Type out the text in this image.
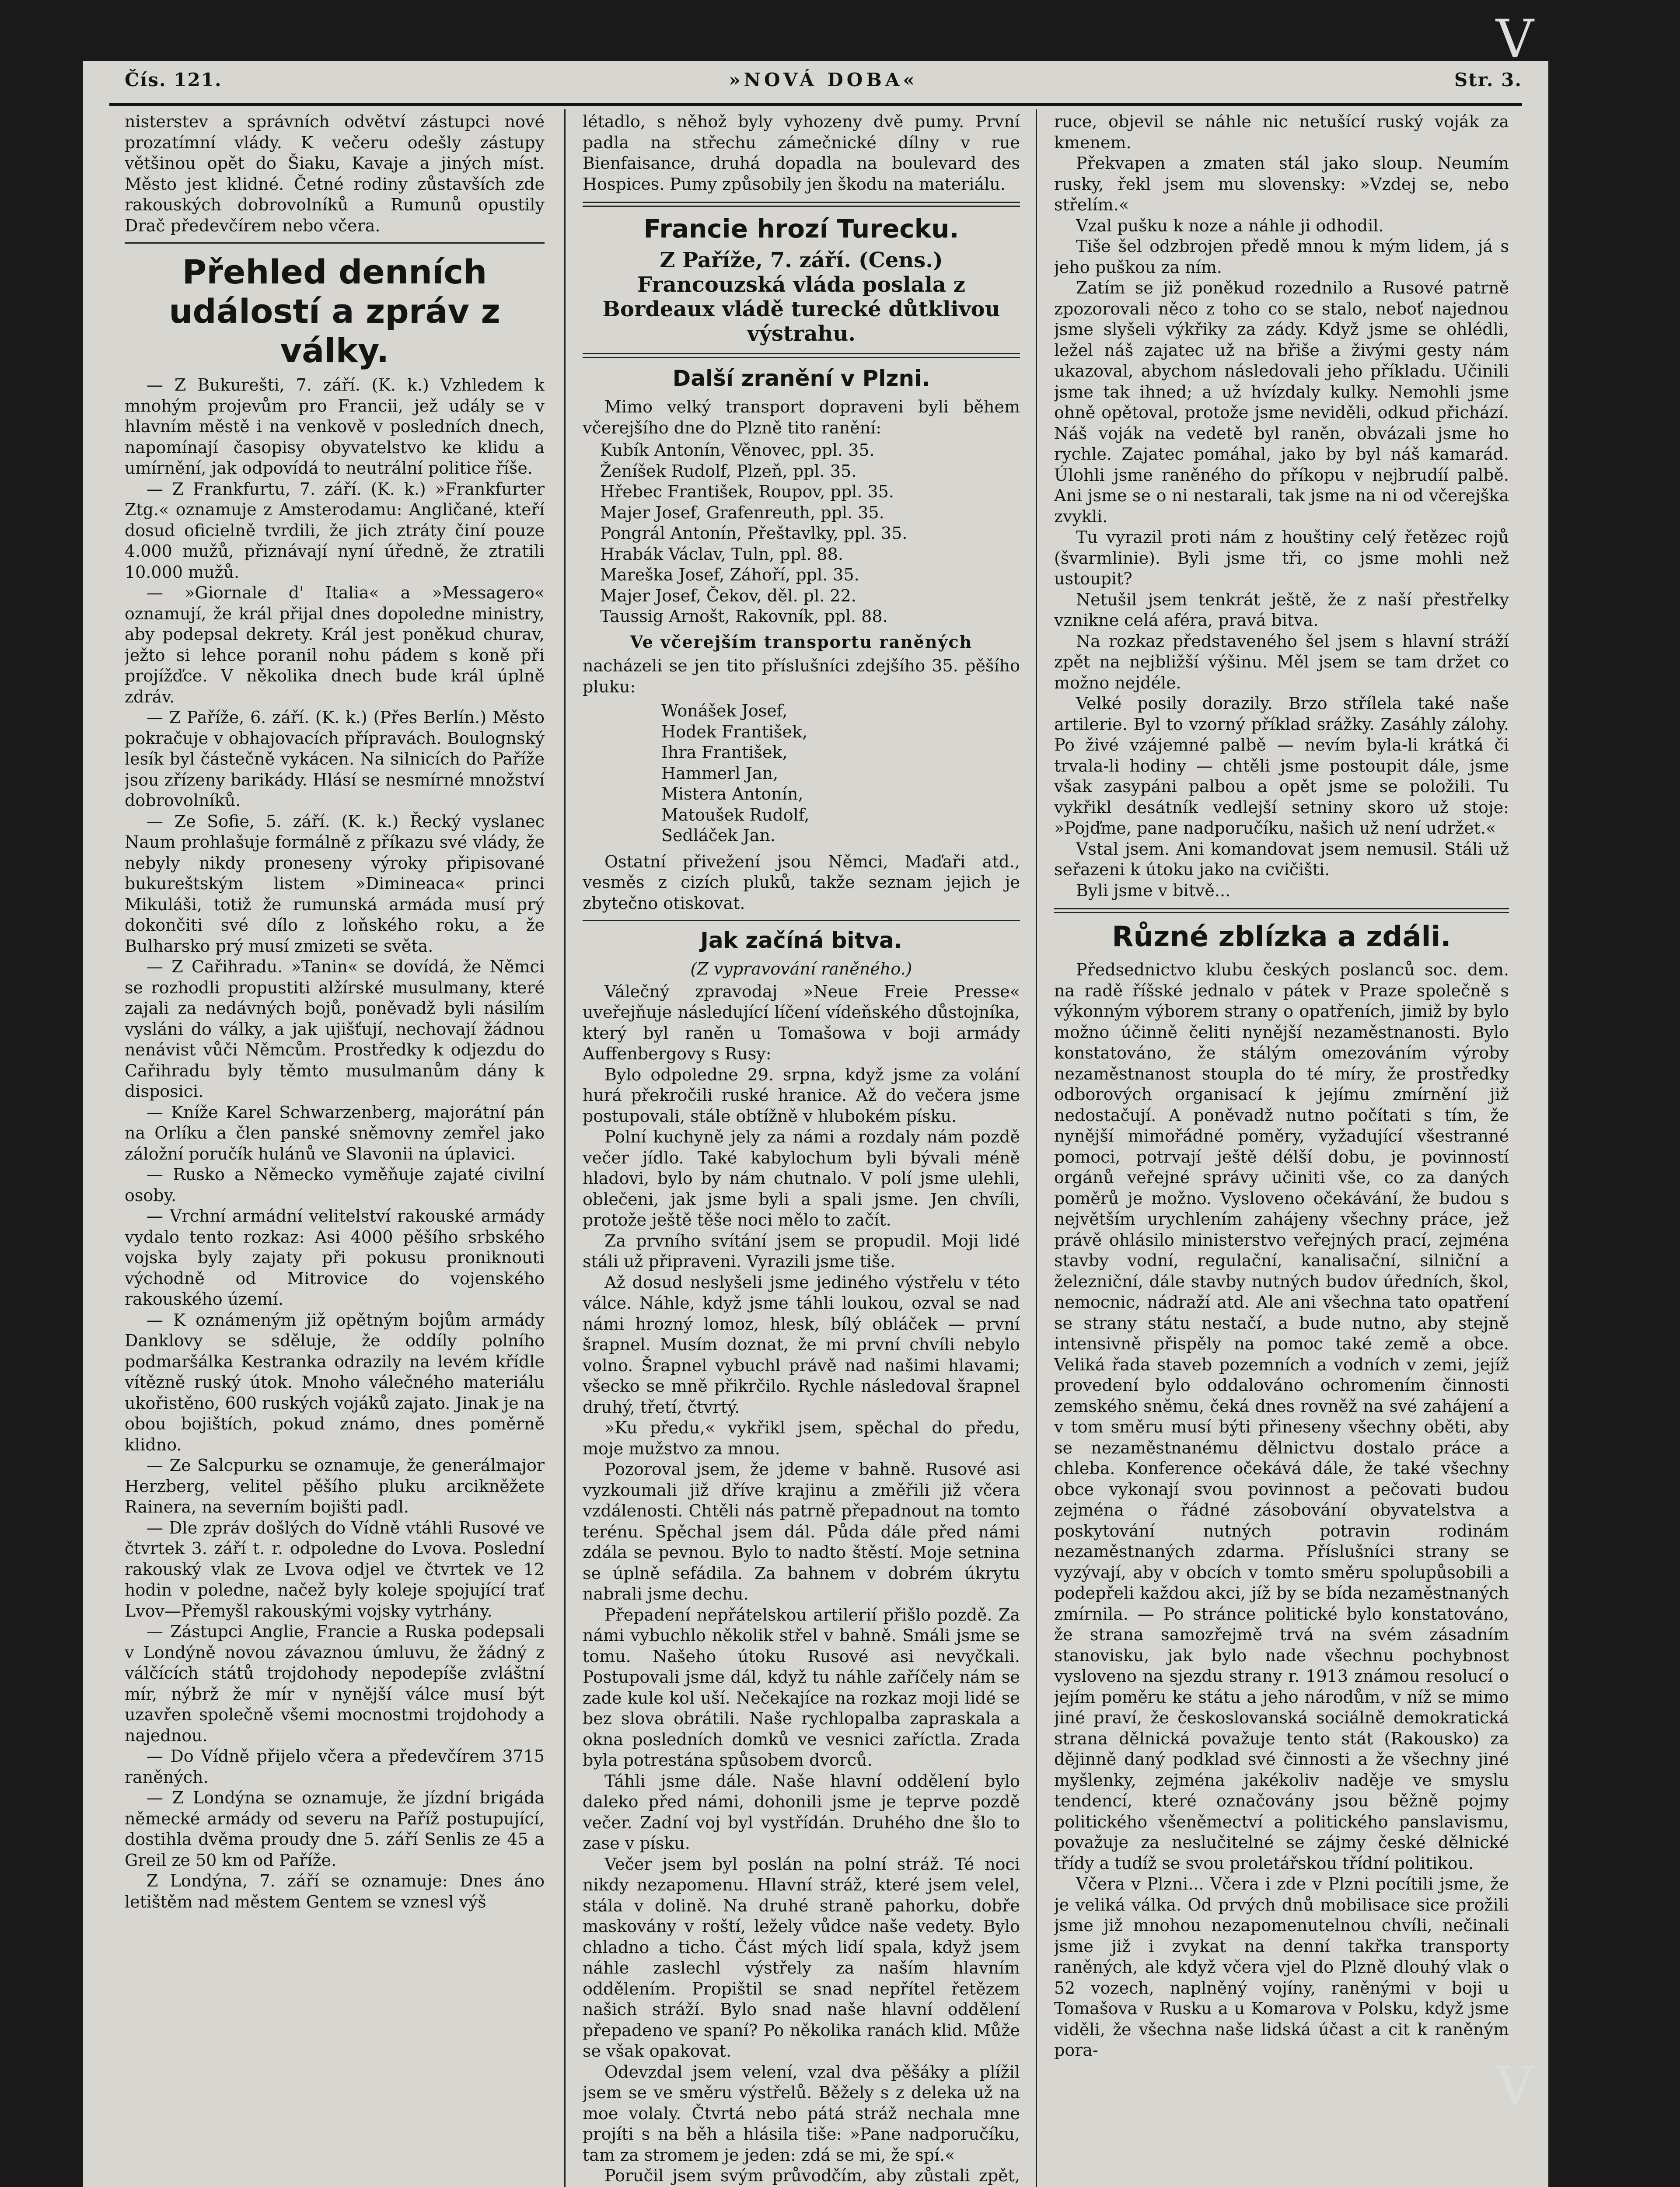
Čís. 121.	»NOVÁ DOBA«	Str. 3.

nisterstev a správních odvětví zástupci nové prozatímní vlády. K večeru odešly zástupy většinou opět do Šiaku, Kavaje a jiných míst. Město jest klidné. Četné rodiny zůstavších zde rakouských dobrovolníků a Rumunů opustily Drač předevčírem nebo včera.

Přehled denních událostí a zpráv z války.

— Z Bukurešti, 7. září. (K. k.) Vzhledem k mnohým projevům pro Francii, jež udály se v hlavním městě i na venkově v posledních dnech, napomínají časopisy obyvatelstvo ke klidu a umírnění, jak odpovídá to neutrální politice říše.

— Z Frankfurtu, 7. září. (K. k.) »Frankfurter Ztg.« oznamuje z Amsterodamu: Angličané, kteří dosud oficielně tvrdili, že jich ztráty činí pouze 4.000 mužů, přiznávají nyní úředně, že ztratili 10.000 mužů.

— »Giornale d' Italia« a »Messagero« oznamují, že král přijal dnes dopoledne ministry, aby podepsal dekrety. Král jest poněkud churav, ježto si lehce poranil nohu pádem s koně při projížďce. V několika dnech bude král úplně zdráv.

— Z Paříže, 6. září. (K. k.) (Přes Berlín.) Město pokračuje v obhajovacích přípravách. Boulognský lesík byl částečně vykácen. Na silnicích do Paříže jsou zřízeny barikády. Hlásí se nesmírné množství dobrovolníků.

— Ze Sofie, 5. září. (K. k.) Řecký vyslanec Naum prohlašuje formálně z příkazu své vlády, že nebyly nikdy proneseny výroky připisované bukureštským listem »Dimineaca« princi Mikuláši, totiž že rumunská armáda musí prý dokončiti své dílo z loňského roku, a že Bulharsko prý musí zmizeti se světa.

— Z Cařihradu. »Tanin« se dovídá, že Němci se rozhodli propustiti alžírské musulmany, které zajali za nedávných bojů, poněvadž byli násilím vysláni do války, a jak ujišťují, nechovají žádnou nenávist vůči Němcům. Prostředky k odjezdu do Cařihradu byly těmto musulmanům dány k disposici.

— Kníže Karel Schwarzenberg, majorátní pán na Orlíku a člen panské sněmovny zemřel jako záložní poručík hulánů ve Slavonii na úplavici.

— Rusko a Německo vyměňuje zajaté civilní osoby.

— Vrchní armádní velitelství rakouské armády vydalo tento rozkaz: Asi 4000 pěšího srbského vojska byly zajaty při pokusu proniknouti východně od Mitrovice do vojenského rakouského území.

— K oznámeným již opětným bojům armády Danklovy se sděluje, že oddíly polního podmaršálka Kestranka odrazily na levém křídle vítězně ruský útok. Mnoho válečného materiálu ukořistěno, 600 ruských vojáků zajato. Jinak je na obou bojištích, pokud známo, dnes poměrně klidno.

— Ze Salcpurku se oznamuje, že generálmajor Herzberg, velitel pěšího pluku arcikněžete Rainera, na severním bojišti padl.

— Dle zpráv došlých do Vídně vtáhli Rusové ve čtvrtek 3. září t. r. odpoledne do Lvova. Poslední rakouský vlak ze Lvova odjel ve čtvrtek ve 12 hodin v poledne, načež byly koleje spojující trať Lvov—Přemyšl rakouskými vojsky vytrhány.

— Zástupci Anglie, Francie a Ruska podepsali v Londýně novou závaznou úmluvu, že žádný z válčících států trojdohody nepodepíše zvláštní mír, nýbrž že mír v nynější válce musí být uzavřen společně všemi mocnostmi trojdohody a najednou.

— Do Vídně přijelo včera a předevčírem 3715 raněných.

— Z Londýna se oznamuje, že jízdní brigáda německé armády od severu na Paříž postupující, dostihla dvěma proudy dne 5. září Senlis ze 45 a Greil ze 50 km od Paříže.

Z Londýna, 7. září se oznamuje: Dnes áno letištěm nad městem Gentem se vznesl výš

létadlo, s něhož byly vyhozeny dvě pumy. První padla na střechu zámečnické dílny v rue Bienfaisance, druhá dopadla na boulevard des Hospices. Pumy způsobily jen škodu na materiálu.

Francie hrozí Turecku.
Z Paříže, 7. září. (Cens.) Francouzská vláda poslala z Bordeaux vládě turecké důtklivou výstrahu.
Další zranění v Plzni.

Mimo velký transport dopraveni byli během včerejšího dne do Plzně tito ranění:

Kubík Antonín, Věnovec, ppl. 35.
Ženíšek Rudolf, Plzeň, ppl. 35.
Hřebec František, Roupov, ppl. 35.
Majer Josef, Grafenreuth, ppl. 35.
Pongrál Antonín, Přeštavlky, ppl. 35.
Hrabák Václav, Tuln, ppl. 88.
Mareška Josef, Záhoří, ppl. 35.
Majer Josef, Čekov, děl. pl. 22.
Taussig Arnošt, Rakovník, ppl. 88.
Ve včerejším transportu raněných

nacházeli se jen tito příslušníci zdejšího 35. pěšího pluku:

Wonášek Josef,
Hodek František,
Ihra František,
Hammerl Jan,
Mistera Antonín,
Matoušek Rudolf,
Sedláček Jan.

Ostatní přivežení jsou Němci, Maďaři atd., vesměs z cizích pluků, takže seznam jejich je zbytečno otiskovat.

Jak začíná bitva.
(Z vypravování raněného.)

Válečný zpravodaj »Neue Freie Presse« uveřejňuje následující líčení vídeňského důstojníka, který byl raněn u Tomašowa v boji armády Auffenbergovy s Rusy:

Bylo odpoledne 29. srpna, když jsme za volání hurá překročili ruské hranice. Až do večera jsme postupovali, stále obtížně v hlubokém písku.

Polní kuchyně jely za námi a rozdaly nám pozdě večer jídlo. Také kabylochum byli bývali méně hladovi, bylo by nám chutnalo. V polí jsme ulehli, oblečeni, jak jsme byli a spali jsme. Jen chvíli, protože ještě těše noci mělo to začít.

Za prvního svítání jsem se propudil. Moji lidé stáli už připraveni. Vyrazili jsme tiše.

Až dosud neslyšeli jsme jediného výstřelu v této válce. Náhle, když jsme táhli loukou, ozval se nad námi hrozný lomoz, hlesk, bílý obláček — první šrapnel. Musím doznat, že mi první chvíli nebylo volno. Šrapnel vybuchl právě nad našimi hlavami; všecko se mně přikrčilo. Rychle následoval šrapnel druhý, třetí, čtvrtý.

»Ku předu,« vykřikl jsem, spěchal do předu, moje mužstvo za mnou.

Pozoroval jsem, že jdeme v bahně. Rusové asi vyzkoumali již dříve krajinu a změřili již včera vzdálenosti. Chtěli nás patrně přepadnout na tomto terénu. Spěchal jsem dál. Půda dále před námi zdála se pevnou. Bylo to nadto štěstí. Moje setnina se úplně sefádila. Za bahnem v dobrém úkrytu nabrali jsme dechu.

Přepadení nepřátelskou artilerií přišlo pozdě. Za námi vybuchlo několik střel v bahně. Smáli jsme se tomu. Našeho útoku Rusové asi nevyčkali. Postupovali jsme dál, když tu náhle zaříčely nám se zade kule kol uší. Nečekajíce na rozkaz moji lidé se bez slova obrátili. Naše rychlopalba zapraskala a okna posledních domků ve vesnici zaříctla. Zrada byla potrestána spůsobem dvorců.

Táhli jsme dále. Naše hlavní oddělení bylo daleko před námi, dohonili jsme je teprve pozdě večer. Zadní voj byl vystřídán. Druhého dne šlo to zase v písku.

Večer jsem byl poslán na polní stráž. Té noci nikdy nezapomenu. Hlavní stráž, které jsem velel, stála v dolině. Na druhé straně pahorku, dobře maskovány v roští, ležely vůdce naše vedety. Bylo chladno a ticho. Část mých lidí spala, když jsem náhle zaslechl výstřely za naším hlavním oddělením. Propištil se snad nepřítel řetězem našich stráží. Bylo snad naše hlavní oddělení přepadeno ve spaní? Po několika ranách klid. Může se však opakovat.

Odevzdal jsem velení, vzal dva pěšáky a plížil jsem se ve směru výstřelů. Běžely s z deleka už na moe volaly. Čtvrtá nebo pátá stráž nechala mne projíti s na běh a hlásila tiše: »Pane nadporučíku, tam za stromem je jeden: zdá se mi, že spí.«

Poručil jsem svým průvodčím, aby zůstali zpět,

ruce, objevil se náhle nic netušící ruský voják za kmenem.

Překvapen a zmaten stál jako sloup. Neumím rusky, řekl jsem mu slovensky: »Vzdej se, nebo střelím.«

Vzal pušku k noze a náhle ji odhodil.

Tiše šel odzbrojen předě mnou k mým lidem, já s jeho puškou za ním.

Zatím se již poněkud rozednilo a Rusové patrně zpozorovali něco z toho co se stalo, neboť najednou jsme slyšeli výkřiky za zády. Když jsme se ohlédli, ležel náš zajatec už na břiše a živými gesty nám ukazoval, abychom následovali jeho příkladu. Učinili jsme tak ihned; a už hvízdaly kulky. Nemohli jsme ohně opětoval, protože jsme neviděli, odkud přichází. Náš voják na vedetě byl raněn, obvázali jsme ho rychle. Zajatec pomáhal, jako by byl náš kamarád. Úlohli jsme raněného do příkopu v nejbrudíí palbě. Ani jsme se o ni nestarali, tak jsme na ni od včerejška zvykli.

Tu vyrazil proti nám z houštiny celý řetězec rojů (švarmlinie). Byli jsme tři, co jsme mohli než ustoupit?

Netušil jsem tenkrát ještě, že z naší přestřelky vznikne celá aféra, pravá bitva.

Na rozkaz představeného šel jsem s hlavní stráží zpět na nejbližší výšinu. Měl jsem se tam držet co možno nejdéle.

Velké posily dorazily. Brzo střílela také naše artilerie. Byl to vzorný příklad srážky. Zasáhly zálohy. Po živé vzájemné palbě — nevím byla-li krátká či trvala-li hodiny — chtěli jsme postoupit dále, jsme však zasypáni palbou a opět jsme se položili. Tu vykřikl desátník vedlejší setniny skoro už stoje: »Pojďme, pane nadporučíku, našich už není udržet.«

Vstal jsem. Ani komandovat jsem nemusil. Stáli už seřazeni k útoku jako na cvičišti.

Byli jsme v bitvě...

Různé zblízka a zdáli.

Předsednictvo klubu českých poslanců soc. dem. na radě říšské jednalo v pátek v Praze společně s výkonným výborem strany o opatřeních, jimiž by bylo možno účinně čeliti nynější nezaměstnanosti. Bylo konstatováno, že stálým omezováním výroby nezaměstnanost stoupla do té míry, že prostředky odborových organisací k jejímu zmírnění již nedostačují. A poněvadž nutno počítati s tím, že nynější mimořádné poměry, vyžadující všestranné pomoci, potrvají ještě délší dobu, je povinností orgánů veřejné správy učiniti vše, co za daných poměrů je možno. Vysloveno očekávání, že budou s největším urychlením zahájeny všechny práce, jež právě ohlásilo ministerstvo veřejných prací, zejména stavby vodní, regulační, kanalisační, silniční a železniční, dále stavby nutných budov úředních, škol, nemocnic, nádraží atd. Ale ani všechna tato opatření se strany státu nestačí, a bude nutno, aby stejně intensivně přispěly na pomoc také země a obce. Veliká řada staveb pozemních a vodních v zemi, jejíž provedení bylo oddalováno ochromením činnosti zemského sněmu, čeká dnes rovněž na své zahájení a v tom směru musí býti přineseny všechny oběti, aby se nezaměstnanému dělnictvu dostalo práce a chleba. Konference očekává dále, že také všechny obce vykonají svou povinnost a pečovati budou zejména o řádné zásobování obyvatelstva a poskytování nutných potravin rodinám nezaměstnaných zdarma. Příslušníci strany se vyzývají, aby v obcích v tomto směru spolupůsobili a podepřeli každou akci, jíž by se bída nezaměstnaných zmírnila. — Po stránce politické bylo konstatováno, že strana samozřejmě trvá na svém zásadním stanovisku, jak bylo nade všechnu pochybnost vysloveno na sjezdu strany r. 1913 známou resolucí o jejím poměru ke státu a jeho národům, v níž se mimo jiné praví, že českoslovanská sociálně demokratická strana dělnická považuje tento stát (Rakousko) za dějinně daný podklad své činnosti a že všechny jiné myšlenky, zejména jakékoliv naděje ve smyslu tendencí, které označovány jsou běžně pojmy politického všeněmectví a politického panslavismu, považuje za neslučitelné se zájmy české dělnické třídy a tudíž se svou proletářskou třídní politikou.

Včera v Plzni... Včera i zde v Plzni pocítili jsme, že je veliká válka. Od prvých dnů mobilisace sice prožili jsme již mnohou nezapomenutelnou chvíli, nečinali jsme již i zvykat na denní takřka transporty raněných, ale když včera vjel do Plzně dlouhý vlak o 52 vozech, naplněný vojíny, raněnými v boji u Tomašova v Rusku a u Komarova v Polsku, když jsme viděli, že všechna naše lidská účast a cit k raněným pora-

V
V
